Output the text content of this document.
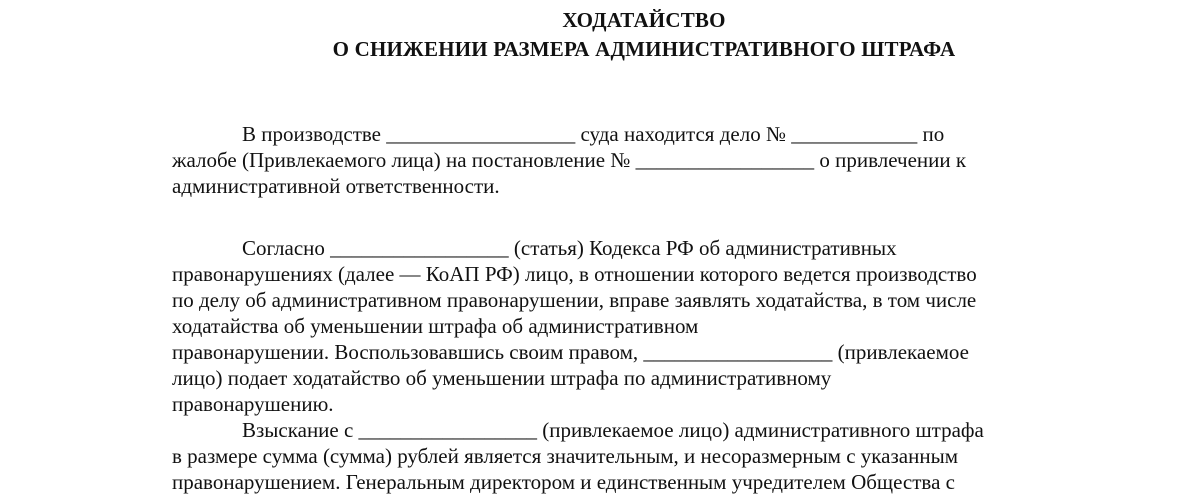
ХОДАТАЙСТВО
О СНИЖЕНИИ РАЗМЕРА АДМИНИСТРАТИВНОГО ШТРАФА

В производстве __________________ суда находится дело № ____________ по
жалобе (Привлекаемого лица) на постановление № _________________ о привлечении к
административной ответственности.

Согласно _________________ (статья) Кодекса РФ об административных
правонарушениях (далее — КоАП РФ) лицо, в отношении которого ведется производство
по делу об административном правонарушении, вправе заявлять ходатайства, в том числе
ходатайства об уменьшении штрафа об административном
правонарушении. Воспользовавшись своим правом, __________________ (привлекаемое
лицо) подает ходатайство об уменьшении штрафа по административному
правонарушению.

Взыскание с _________________ (привлекаемое лицо) административного штрафа
в размере сумма (сумма) рублей является значительным, и несоразмерным с указанным
правонарушением. Генеральным директором и единственным учредителем Общества с
